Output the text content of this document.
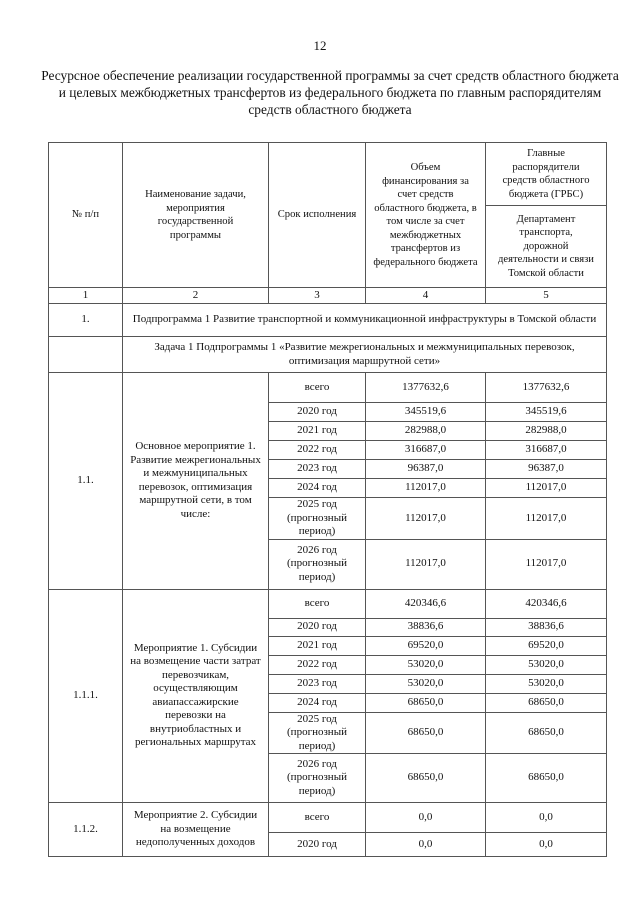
12
Ресурсное обеспечение реализации государственной программы за счет средств областного бюджета и целевых межбюджетных трансфертов из федерального бюджета по главным распорядителям средств областного бюджета
№ п/п	Наименование задачи, мероприятия государственной программы	Срок исполнения	Объем финансирования за счет средств областного бюджета, в том числе за счет межбюджетных трансфертов из федерального бюджета	Главные распорядители средств областного бюджета (ГРБС)
				Департамент транспорта, дорожной деятельности и связи Томской области
1	2	3	4	5
1.	Подпрограмма 1 Развитие транспортной и коммуникационной инфраструктуры в Томской области			
	Задача 1 Подпрограммы 1 «Развитие межрегиональных и межмуниципальных перевозок, оптимизация маршрутной сети»			
1.1.	Основное мероприятие 1. Развитие межрегиональных и межмуниципальных перевозок, оптимизация маршрутной сети, в том числе:	всего	1377632,6	1377632,6
		2020 год	345519,6	345519,6
		2021 год	282988,0	282988,0
		2022 год	316687,0	316687,0
		2023 год	96387,0	96387,0
		2024 год	112017,0	112017,0
		2025 год (прогнозный период)	112017,0	112017,0
		2026 год (прогнозный период)	112017,0	112017,0
1.1.1.	Мероприятие 1. Субсидии на возмещение части затрат перевозчикам, осуществляющим авиапассажирские перевозки на внутриобластных и региональных маршрутах	всего	420346,6	420346,6
		2020 год	38836,6	38836,6
		2021 год	69520,0	69520,0
		2022 год	53020,0	53020,0
		2023 год	53020,0	53020,0
		2024 год	68650,0	68650,0
		2025 год (прогнозный период)	68650,0	68650,0
		2026 год (прогнозный период)	68650,0	68650,0
1.1.2.	Мероприятие 2. Субсидии на возмещение недополученных доходов	всего	0,0	0,0
		2020 год	0,0	0,0
